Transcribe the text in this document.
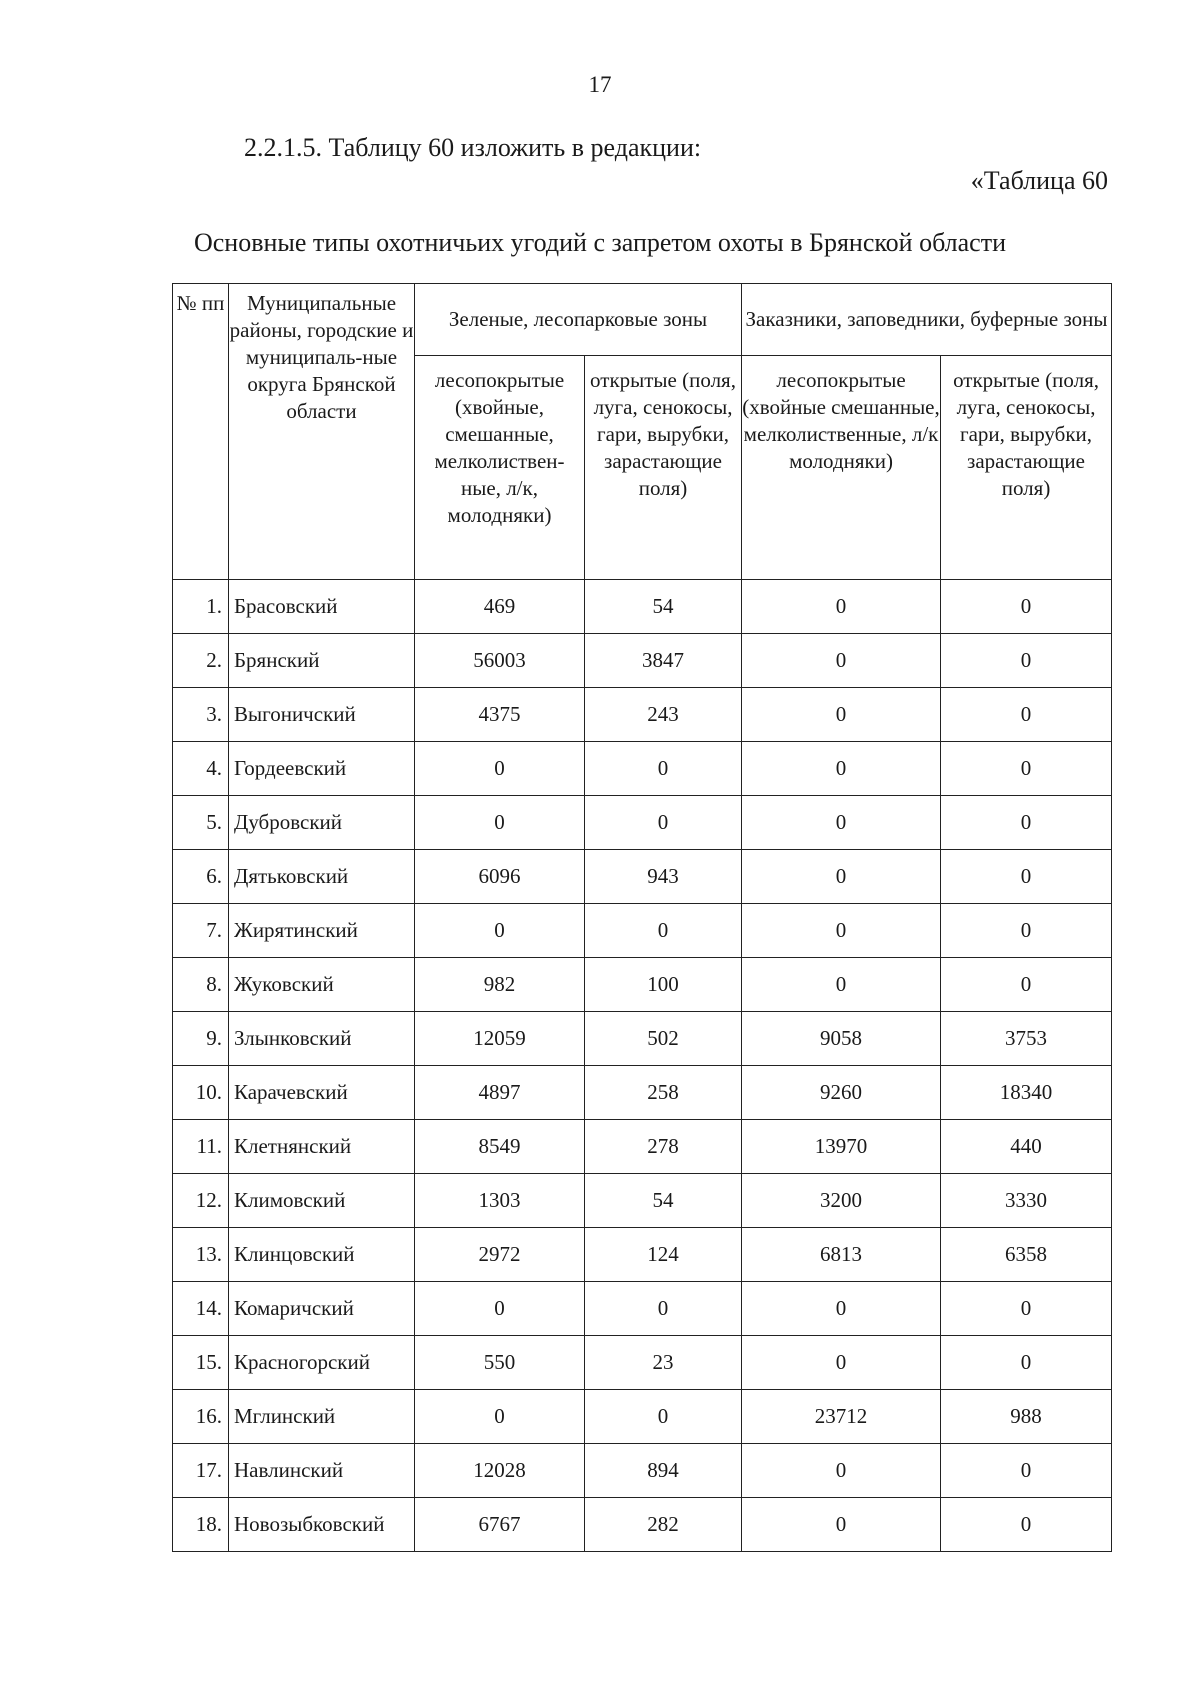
17
2.2.1.5. Таблицу 60 изложить в редакции:
«Таблица 60
Основные типы охотничьих угодий с запретом охоты в Брянской области
№ пп	Муниципальные районы, городские и муниципаль-ные округа Брянской области	Зеленые, лесопарковые зоны		Заказники, заповедники, буферные зоны	
		лесопокрытые (хвойные, смешанные, мелколиствен-ные, л/к, молодняки)	открытые (поля, луга, сенокосы, гари, вырубки, зарастающие поля)	лесопокрытые (хвойные смешанные, мелколиственные, л/к молодняки)	открытые (поля, луга, сенокосы, гари, вырубки, зарастающие поля)
1.	Брасовский	469	54	0	0
2.	Брянский	56003	3847	0	0
3.	Выгоничский	4375	243	0	0
4.	Гордеевский	0	0	0	0
5.	Дубровский	0	0	0	0
6.	Дятьковский	6096	943	0	0
7.	Жирятинский	0	0	0	0
8.	Жуковский	982	100	0	0
9.	Злынковский	12059	502	9058	3753
10.	Карачевский	4897	258	9260	18340
11.	Клетнянский	8549	278	13970	440
12.	Климовский	1303	54	3200	3330
13.	Клинцовский	2972	124	6813	6358
14.	Комаричский	0	0	0	0
15.	Красногорский	550	23	0	0
16.	Мглинский	0	0	23712	988
17.	Навлинский	12028	894	0	0
18.	Новозыбковский	6767	282	0	0
